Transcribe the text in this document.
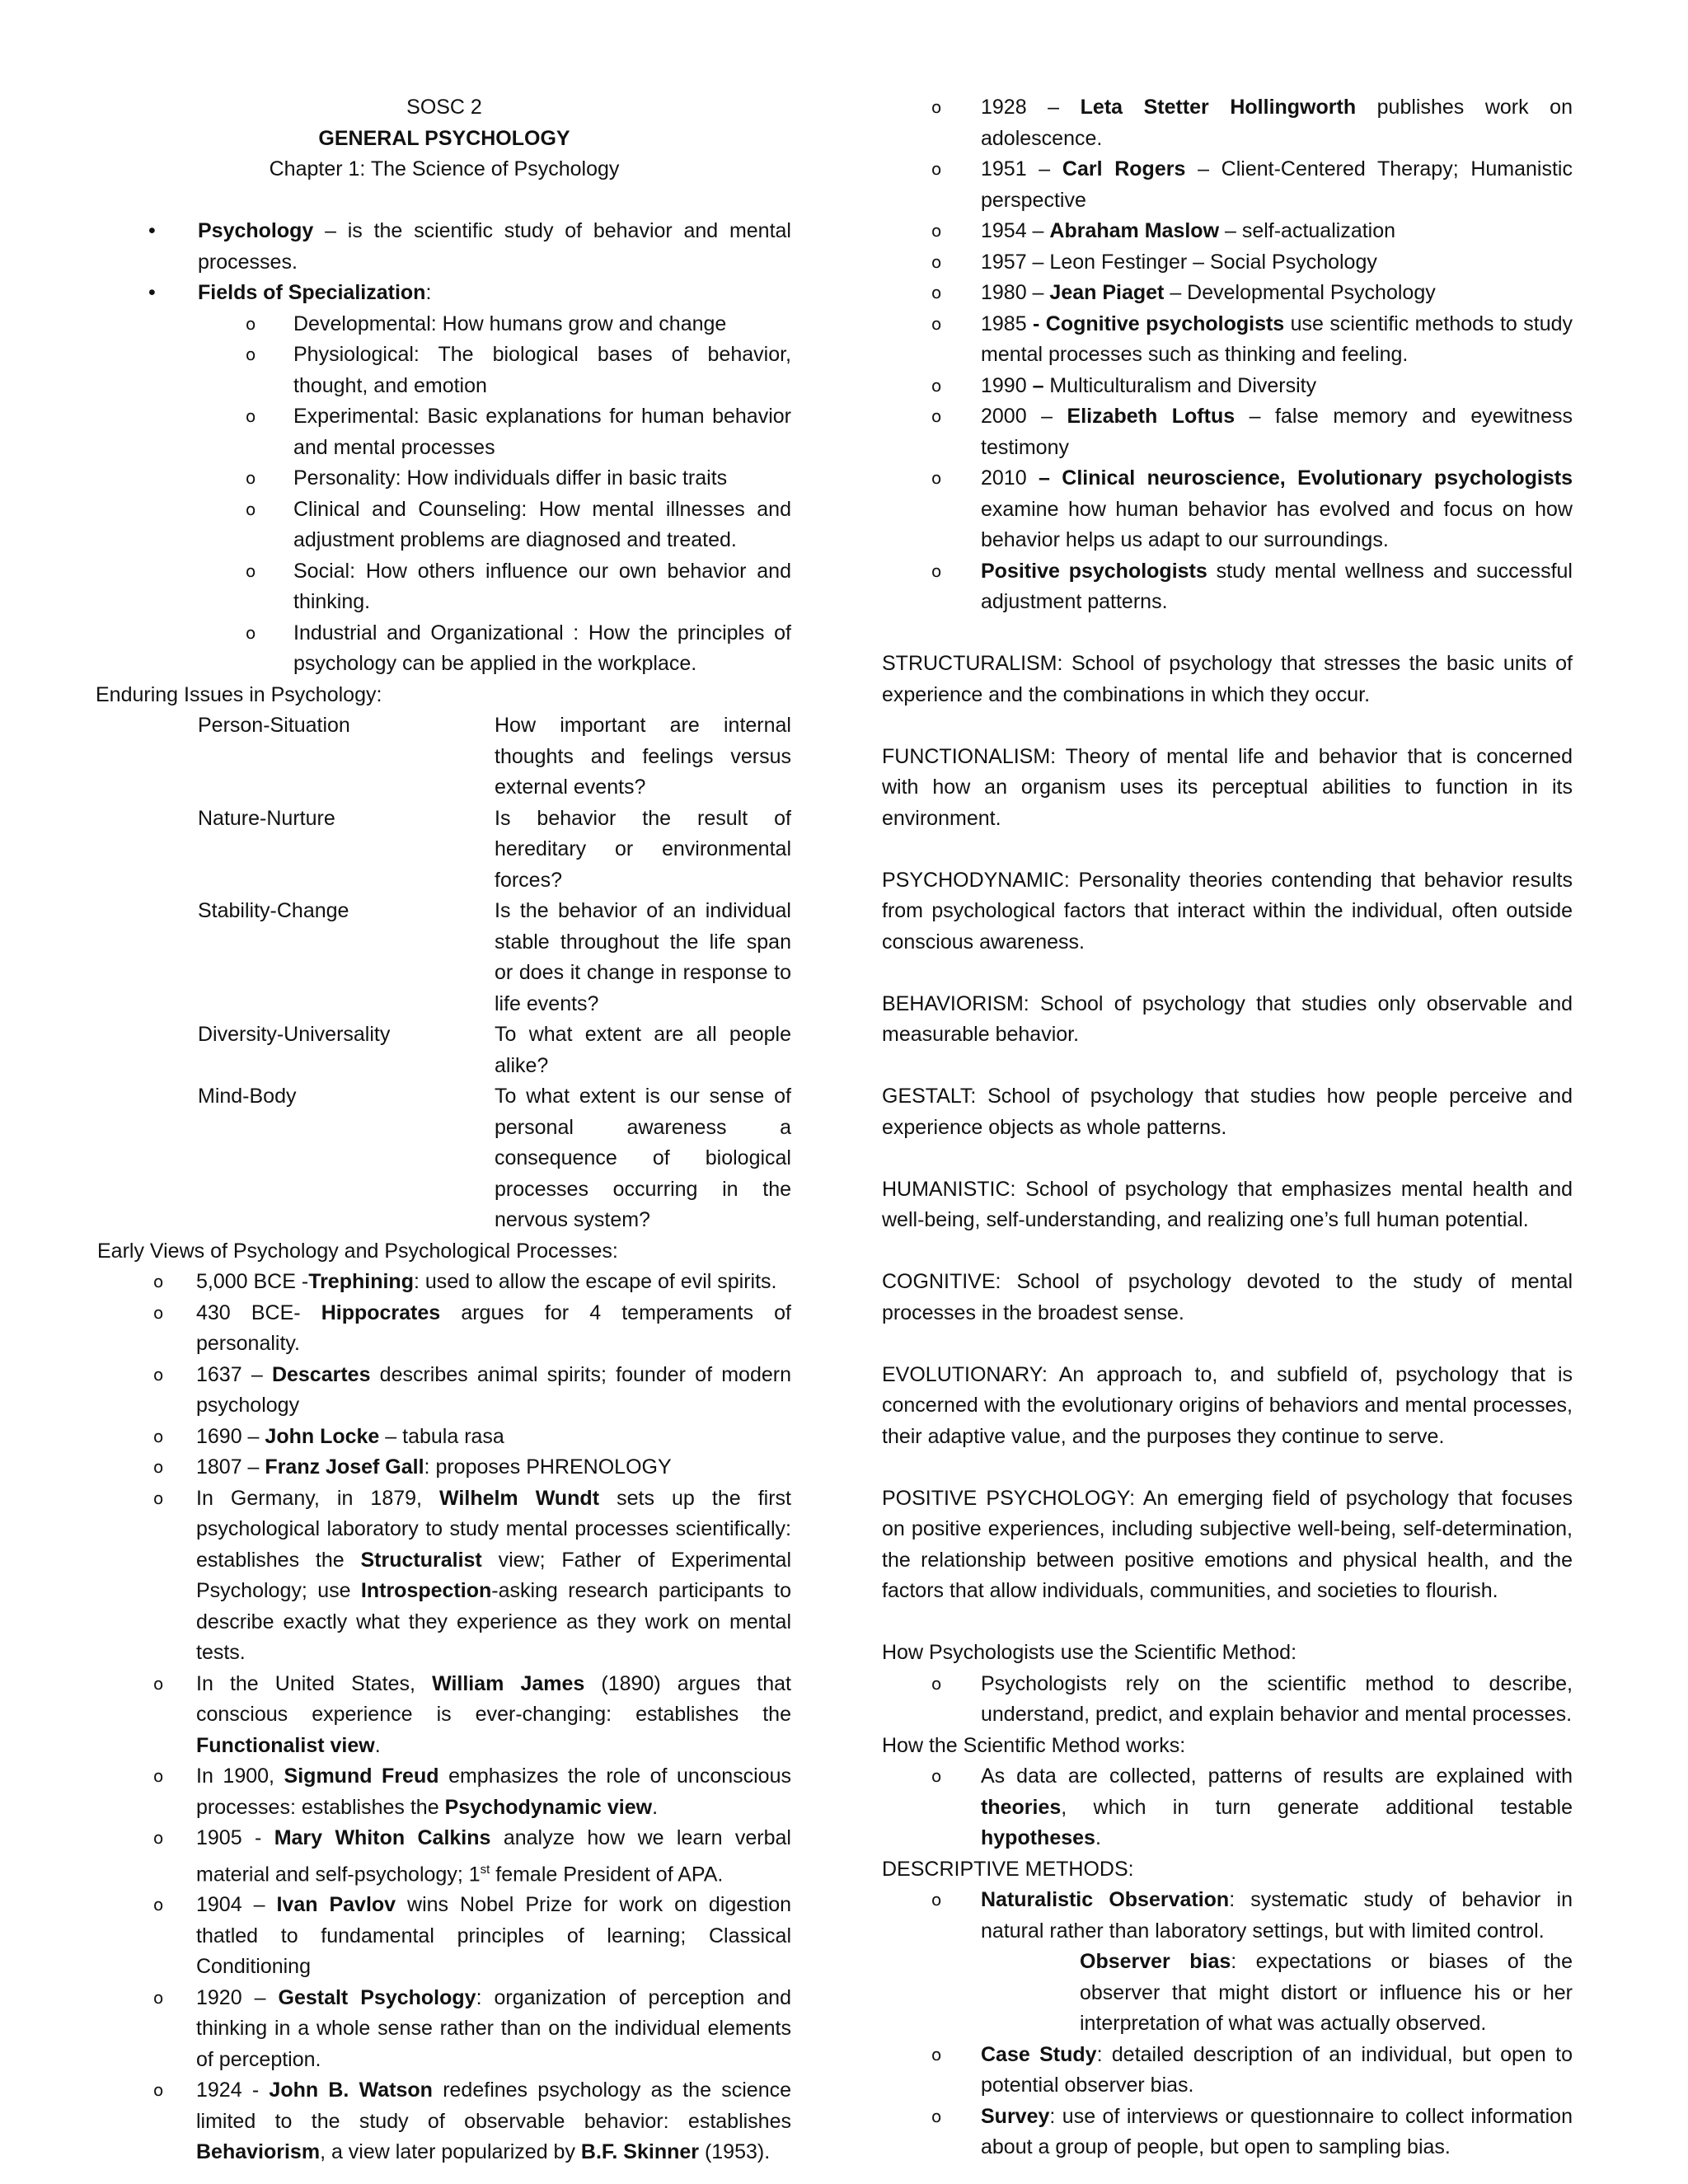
SOSC 2
GENERAL PSYCHOLOGY
Chapter 1: The Science of Psychology
• Psychology – is the scientific study of behavior and mental processes.
• Fields of Specialization:
o Developmental: How humans grow and change
o Physiological: The biological bases of behavior, thought, and emotion
o Experimental: Basic explanations for human behavior and mental processes
o Personality: How individuals differ in basic traits
o Clinical and Counseling: How mental illnesses and adjustment problems are diagnosed and treated.
o Social: How others influence our own behavior and thinking.
o Industrial and Organizational : How the principles of psychology can be applied in the workplace.
Enduring Issues in Psychology:
Person-Situation	How important are internal thoughts and feelings versus external events?
Nature-Nurture	Is behavior the result of hereditary or environmental forces?
Stability-Change	Is the behavior of an individual stable throughout the life span or does it change in response to life events?
Diversity-Universality	To what extent are all people alike?
Mind-Body	To what extent is our sense of personal awareness a consequence of biological processes occurring in the nervous system?
Early Views of Psychology and Psychological Processes:
o 5,000 BCE -Trephining: used to allow the escape of evil spirits.
o 430 BCE- Hippocrates argues for 4 temperaments of personality.
o 1637 – Descartes describes animal spirits; founder of modern psychology
o 1690 – John Locke – tabula rasa
o 1807 – Franz Josef Gall: proposes PHRENOLOGY
o In Germany, in 1879, Wilhelm Wundt sets up the first psychological laboratory to study mental processes scientifically: establishes the Structuralist view; Father of Experimental Psychology; use Introspection-asking research participants to describe exactly what they experience as they work on mental tests.
o In the United States, William James (1890) argues that conscious experience is ever-changing: establishes the Functionalist view.
o In 1900, Sigmund Freud emphasizes the role of unconscious processes: establishes the Psychodynamic view.
o 1905 - Mary Whiton Calkins analyze how we learn verbal material and self-psychology; 1st female President of APA.
o 1904 – Ivan Pavlov wins Nobel Prize for work on digestion thatled to fundamental principles of learning; Classical Conditioning
o 1920 – Gestalt Psychology: organization of perception and thinking in a whole sense rather than on the individual elements of perception.
o 1924 - John B. Watson redefines psychology as the science limited to the study of observable behavior: establishes Behaviorism, a view later popularized by B.F. Skinner (1953).
o 1928 – Leta Stetter Hollingworth publishes work on adolescence.
o 1951 – Carl Rogers – Client-Centered Therapy; Humanistic perspective
o 1954 – Abraham Maslow – self-actualization
o 1957 – Leon Festinger – Social Psychology
o 1980 – Jean Piaget – Developmental Psychology
o 1985 - Cognitive psychologists use scientific methods to study mental processes such as thinking and feeling.
o 1990 – Multiculturalism and Diversity
o 2000 – Elizabeth Loftus – false memory and eyewitness testimony
o 2010 – Clinical neuroscience, Evolutionary psychologists examine how human behavior has evolved and focus on how behavior helps us adapt to our surroundings.
o Positive psychologists study mental wellness and successful adjustment patterns.
STRUCTURALISM: School of psychology that stresses the basic units of experience and the combinations in which they occur.
FUNCTIONALISM: Theory of mental life and behavior that is concerned with how an organism uses its perceptual abilities to function in its environment.
PSYCHODYNAMIC: Personality theories contending that behavior results from psychological factors that interact within the individual, often outside conscious awareness.
BEHAVIORISM: School of psychology that studies only observable and measurable behavior.
GESTALT: School of psychology that studies how people perceive and experience objects as whole patterns.
HUMANISTIC: School of psychology that emphasizes mental health and well-being, self-understanding, and realizing one’s full human potential.
COGNITIVE: School of psychology devoted to the study of mental processes in the broadest sense.
EVOLUTIONARY: An approach to, and subfield of, psychology that is concerned with the evolutionary origins of behaviors and mental processes, their adaptive value, and the purposes they continue to serve.
POSITIVE PSYCHOLOGY: An emerging field of psychology that focuses on positive experiences, including subjective well-being, self-determination, the relationship between positive emotions and physical health, and the factors that allow individuals, communities, and societies to flourish.
How Psychologists use the Scientific Method:
o Psychologists rely on the scientific method to describe, understand, predict, and explain behavior and mental processes.
How the Scientific Method works:
o As data are collected, patterns of results are explained with theories, which in turn generate additional testable hypotheses.
DESCRIPTIVE METHODS:
o Naturalistic Observation: systematic study of behavior in natural rather than laboratory settings, but with limited control.
Observer bias: expectations or biases of the observer that might distort or influence his or her interpretation of what was actually observed.
o Case Study: detailed description of an individual, but open to potential observer bias.
o Survey: use of interviews or questionnaire to collect information about a group of people, but open to sampling bias.
